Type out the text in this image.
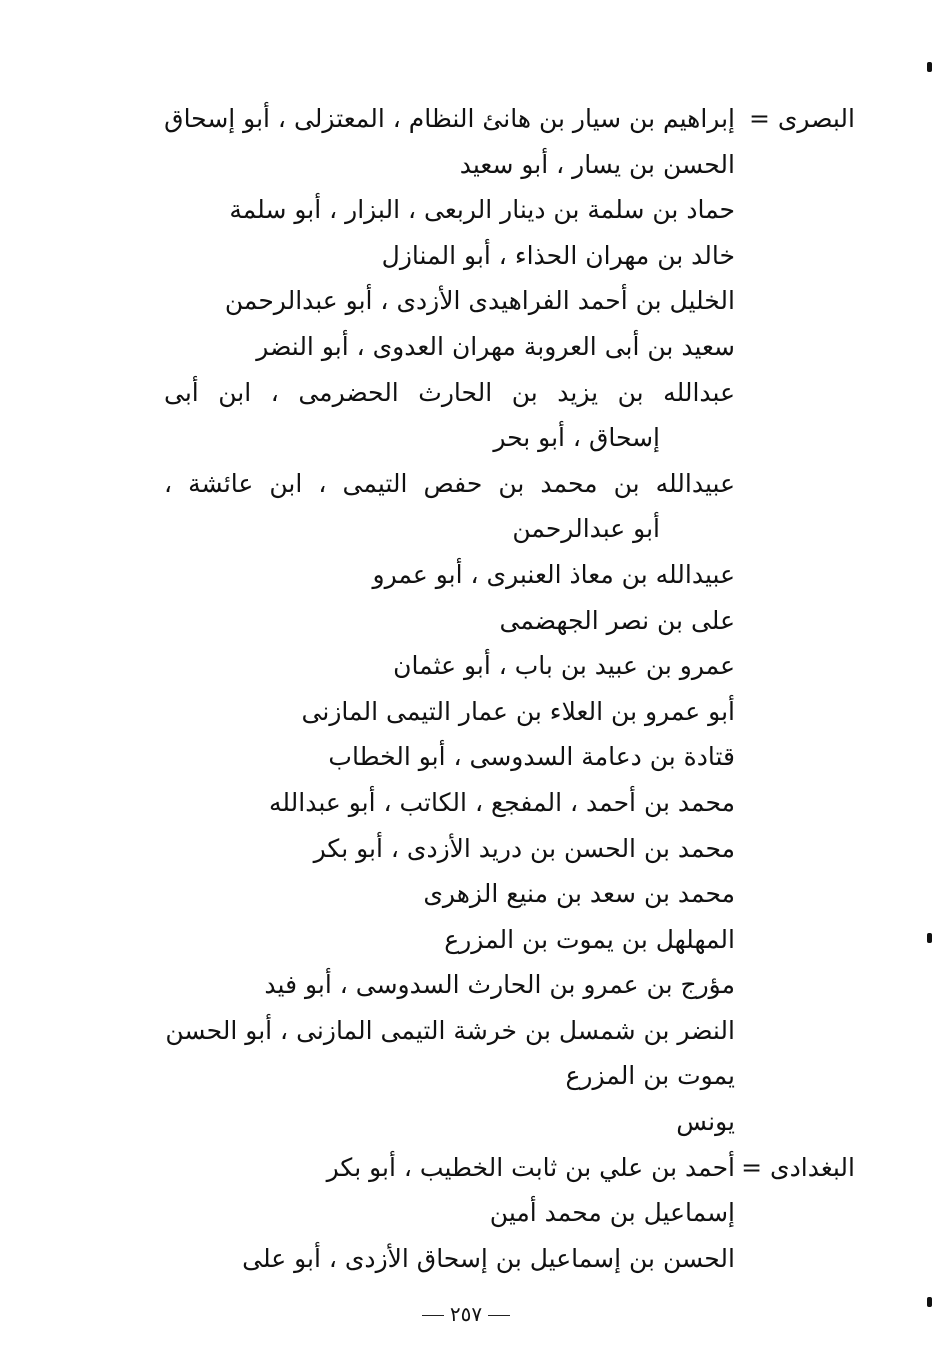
البصرى =
إبراهيم بن سيار بن هانئ النظام ، المعتزلى ، أبو إسحاق
الحسن بن يسار ، أبو سعيد
حماد بن سلمة بن دينار الربعى ، البزار ، أبو سلمة
خالد بن مهران الحذاء ، أبو المنازل
الخليل بن أحمد الفراهيدى الأزدى ، أبو عبدالرحمن
سعيد بن أبى العروبة مهران العدوى ، أبو النضر
عبدالله بن يزيد بن الحارث الحضرمى ، ابن أبى
إسحاق ، أبو بحر
عبيدالله بن محمد بن حفص التيمى ، ابن عائشة ،
أبو عبدالرحمن
عبيدالله بن معاذ العنبرى ، أبو عمرو
على بن نصر الجهضمى
عمرو بن عبيد بن باب ، أبو عثمان
أبو عمرو بن العلاء بن عمار التيمى المازنى
قتادة بن دعامة السدوسى ، أبو الخطاب
محمد بن أحمد ، المفجع ، الكاتب ، أبو عبدالله
محمد بن الحسن بن دريد الأزدى ، أبو بكر
محمد بن سعد بن منيع الزهرى
المهلهل بن يموت بن المزرع
مؤرج بن عمرو بن الحارث السدوسى ، أبو فيد
النضر بن شمسل بن خرشة التيمى المازنى ، أبو الحسن
يموت بن المزرع
يونس
البغدادى =
أحمد بن علي بن ثابت الخطيب ، أبو بكر
إسماعيل بن محمد أمين
الحسن بن إسماعيل بن إسحاق الأزدى ، أبو على
٢٥٧
